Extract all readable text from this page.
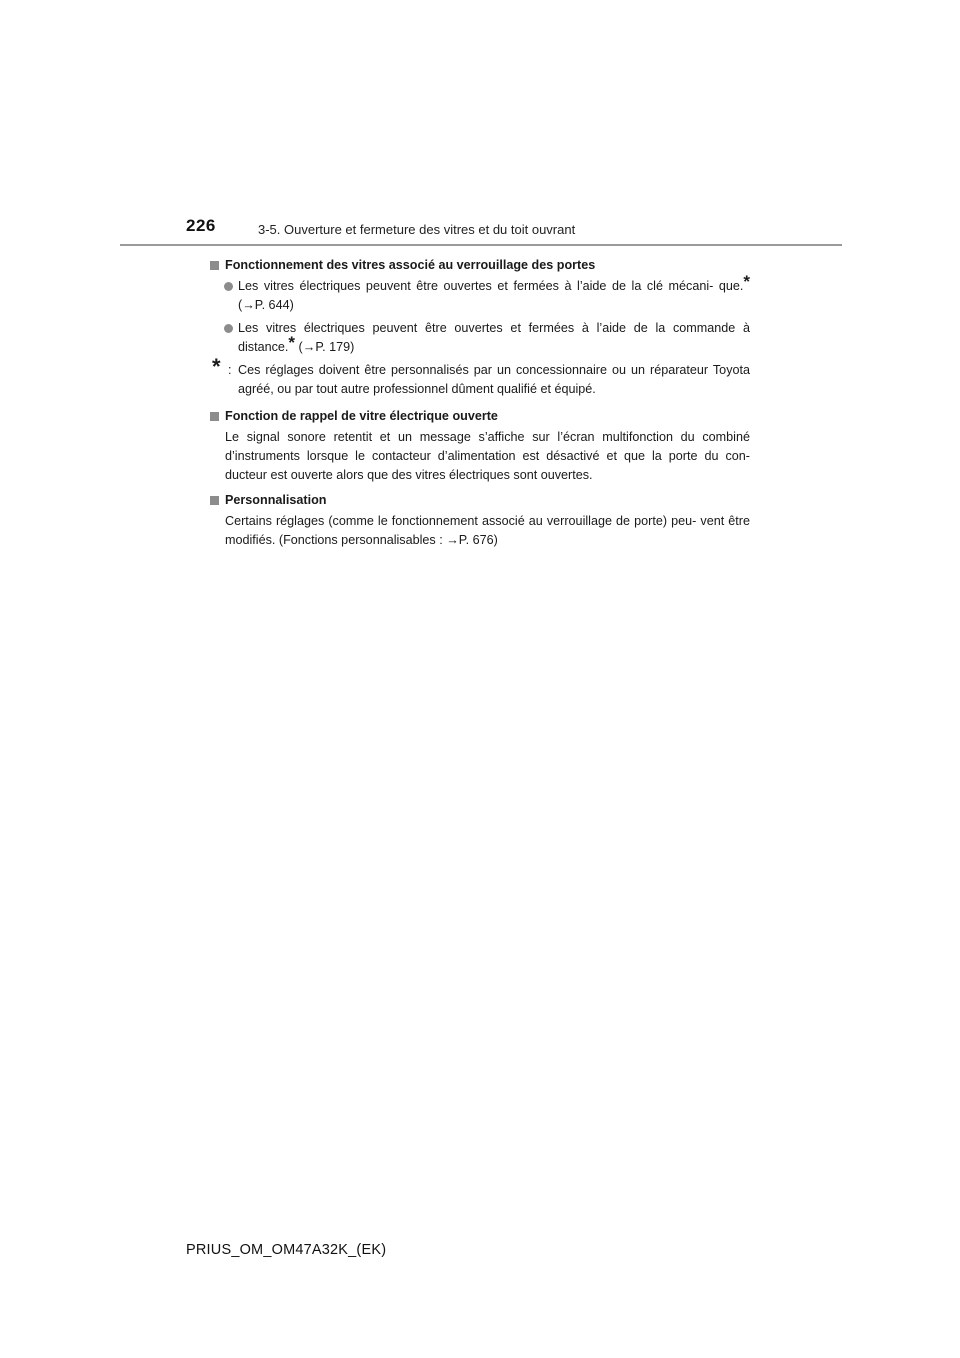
226	3-5. Ouverture et fermeture des vitres et du toit ouvrant
Fonctionnement des vitres associé au verrouillage des portes
Les vitres électriques peuvent être ouvertes et fermées à l’aide de la clé mécani- que.* (→P. 644)
Les vitres électriques peuvent être ouvertes et fermées à l’aide de la commande à distance.* (→P. 179)
* : Ces réglages doivent être personnalisés par un concessionnaire ou un réparateur Toyota agréé, ou par tout autre professionnel dûment qualifié et équipé.
Fonction de rappel de vitre électrique ouverte
Le signal sonore retentit et un message s’affiche sur l’écran multifonction du combiné d’instruments lorsque le contacteur d’alimentation est désactivé et que la porte du con- ducteur est ouverte alors que des vitres électriques sont ouvertes.
Personnalisation
Certains réglages (comme le fonctionnement associé au verrouillage de porte) peu- vent être modifiés. (Fonctions personnalisables : →P. 676)
PRIUS_OM_OM47A32K_(EK)
